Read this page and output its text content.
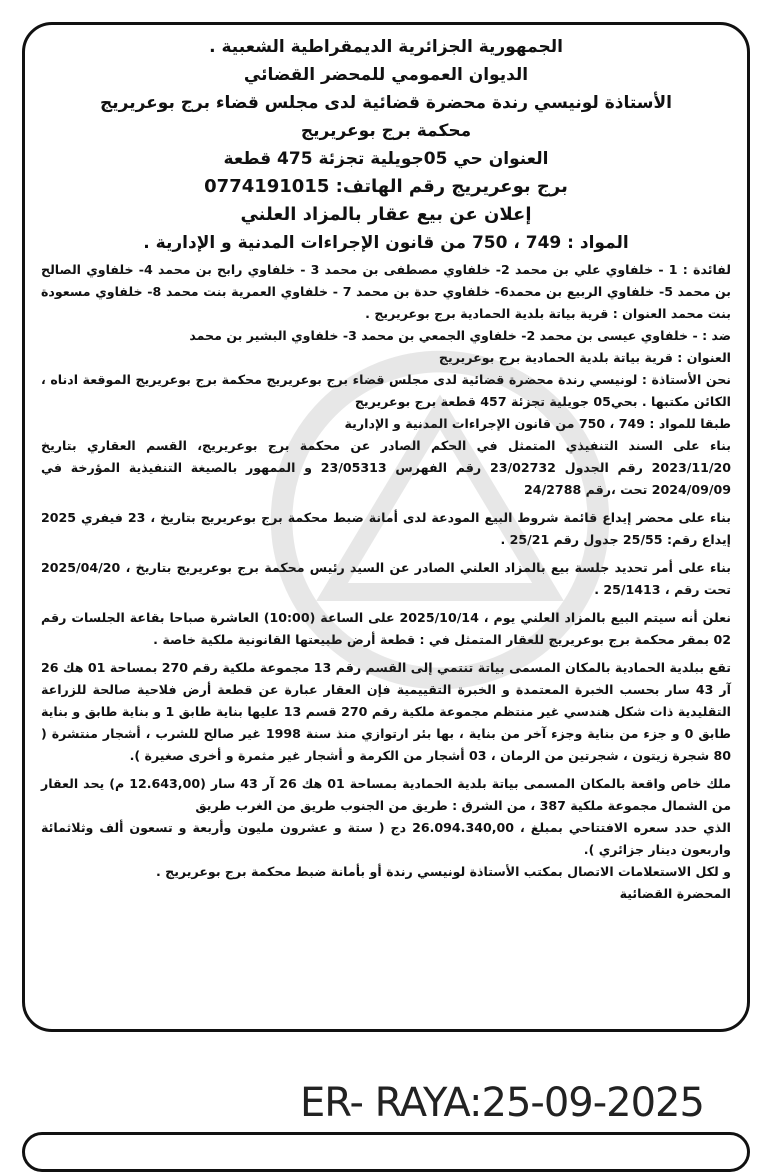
الجمهورية الجزائرية الديمقراطية الشعبية .
الديوان العمومي للمحضر القضائي
الأستاذة لونيسي رندة محضرة قضائية لدى مجلس قضاء برج بوعريريج
محكمة برج بوعريريج
العنوان حي 05جويلية تجزئة 475 قطعة
برج بوعريريج رقم الهاتف: 0774191015
إعلان عن بيع عقار بالمزاد العلني
المواد : 749 ، 750 من قانون الإجراءات المدنية و الإدارية .

لفائدة : 1 - خلفاوي علي بن محمد 2- خلفاوي مصطفى بن محمد 3 - خلفاوي رابح بن محمد 4- خلفاوي الصالح بن محمد 5- خلفاوي الربيع بن محمد6- خلفاوي حدة بن محمد 7 - خلفاوي العمرية بنت محمد 8- خلفاوي مسعودة بنت محمد العنوان : قرية بياتة بلدية الحمادية برج بوعريريج .

ضد : - خلفاوي عيسى بن محمد 2- خلفاوي الجمعي بن محمد 3- خلفاوي البشير بن محمد

العنوان : قرية بياتة بلدية الحمادية برج بوعريريج

نحن الأستاذة : لونيسي رندة محضرة قضائية لدى مجلس قضاء برج بوعريريج محكمة برج بوعريريج الموقعة ادناه ، الكائن مكتبها . بحي05 جويلية تجزئة 457 قطعة برج بوعريريج

طبقا للمواد : 749 ، 750 من قانون الإجراءات المدنية و الإدارية

بناء على السند التنفيذي المتمثل في الحكم الصادر عن محكمة برج بوعريريج، القسم العقاري بتاريخ 2023/11/20 رقم الجدول 23/02732 رقم الفهرس 23/05313 و الممهور بالصيغة التنفيذية المؤرخة في 2024/09/09 تحت ،رقم 24/2788

بناء على محضر إيداع قائمة شروط البيع المودعة لدى أمانة ضبط محكمة برج بوعريريج بتاريخ ، 23 فيفري 2025 إيداع رقم: 25/55 جدول رقم 25/21 .

بناء على أمر تحديد جلسة بيع بالمزاد العلني الصادر عن السيد رئيس محكمة برج بوعريريج بتاريخ ، 2025/04/20 تحت رقم ، 25/1413 .

نعلن أنه سيتم البيع بالمزاد العلني يوم ، 2025/10/14 على الساعة (10:00) العاشرة صباحا بقاعة الجلسات رقم 02 بمقر محكمة برج بوعريريج للعقار المتمثل في : قطعة أرض طبيعتها القانونية ملكية خاصة .

تقع ببلدية الحمادية بالمكان المسمى بياتة تنتمي إلى القسم رقم 13 مجموعة ملكية رقم 270 بمساحة 01 هك 26 آر 43 سار بحسب الخبرة المعتمدة و الخبرة التقييمية فإن العقار عبارة عن قطعة أرض فلاحية صالحة للزراعة التقليدية ذات شكل هندسي غير منتظم مجموعة ملكية رقم 270 قسم 13 عليها بناية طابق 1 و بناية طابق و بناية طابق 0 و جزء من بناية وجزء آخر من بناية ، بها بئر ارتوازي منذ سنة 1998 غير صالح للشرب ، أشجار منتشرة ( 80 شجرة زيتون ، شجرتين من الرمان ، 03 أشجار من الكرمة و أشجار غير مثمرة و أخرى صغيرة ).

ملك خاص واقعة بالمكان المسمى بياتة بلدية الحمادية بمساحة 01 هك 26 آر 43 سار (12.643,00 م) يحد العقار من الشمال مجموعة ملكية 387 ، من الشرق : طريق من الجنوب طريق من الغرب طريق

الذي حدد سعره الافتتاحي بمبلغ ، 26.094.340,00 دج ( ستة و عشرون مليون وأربعة و تسعون ألف وثلاثمائة واربعون دينار جزائري ).

و لكل الاستعلامات الاتصال بمكتب الأستاذة لونيسي رندة أو بأمانة ضبط محكمة برج بوعريريج .

المحضرة القضائية
ER- RAYA:25-09-2025
